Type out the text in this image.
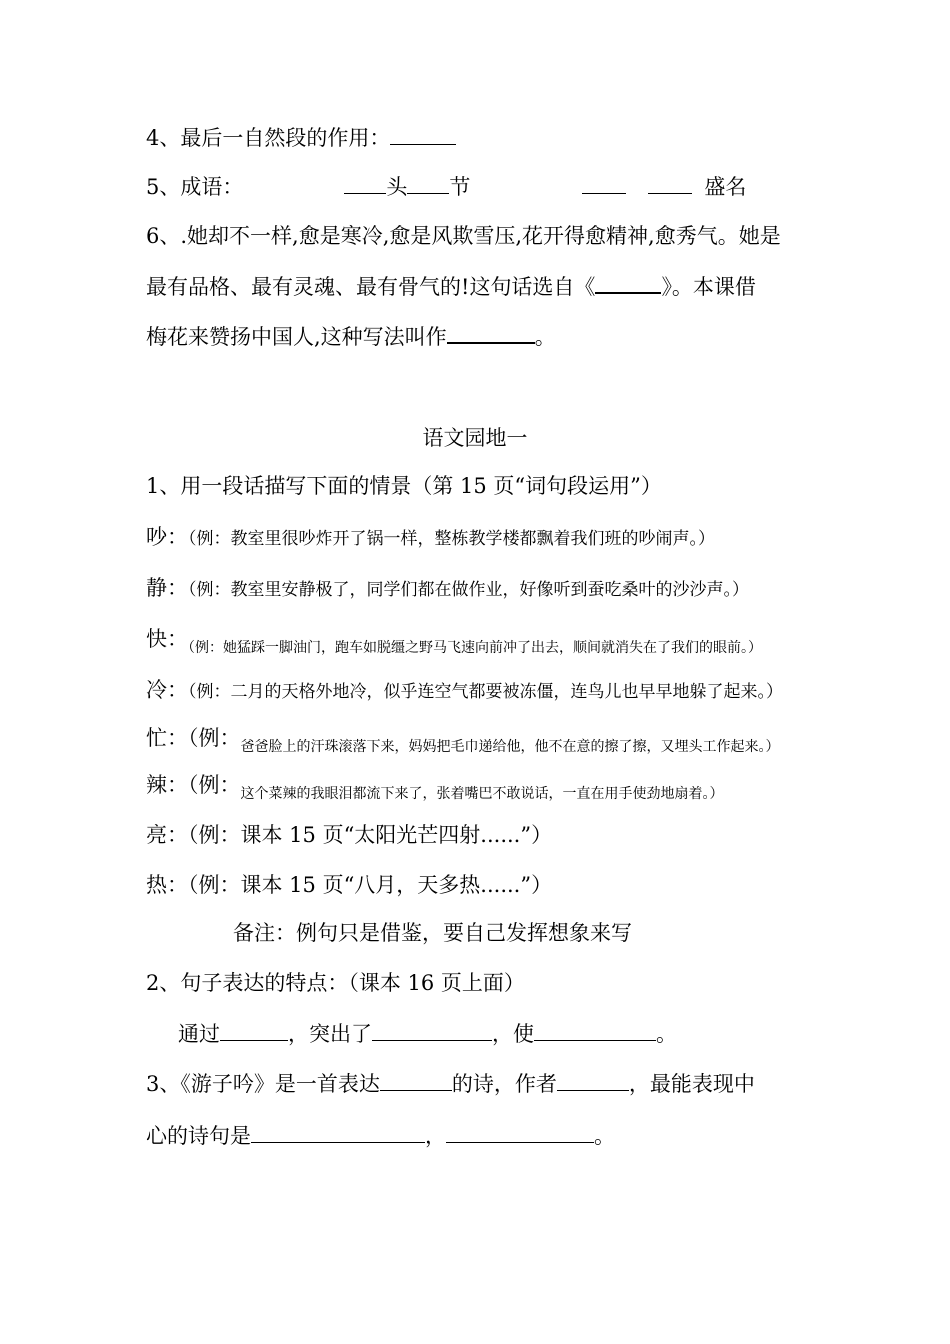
4、最后一自然段的作用：
5、成语：	头 节	盛名
6、.她却不一样,愈是寒冷,愈是风欺雪压,花开得愈精神,愈秀气。她是
最有品格、最有灵魂、最有骨气的!这句话选自《	》。本课借
梅花来赞扬中国人,这种写法叫作	。
语文园地一
1、用一段话描写下面的情景（第 15 页“词句段运用”）
吵：（例：教室里很吵炸开了锅一样，整栋教学楼都飘着我们班的吵闹声。）
静：（例：教室里安静极了，同学们都在做作业，好像听到蚕吃桑叶的沙沙声。）
快：$_{(例:她猛踩一脚油门,跑车如脱缰之野马飞速向前冲了出去,顺间就消失在了我们的眼前。)}$
冷：（例：二月的天格外地冷，似乎连空气都要被冻僵，连鸟儿也早早地躲了起来。）
忙：（例：$_{爸爸脸上的汗珠滚落下来,妈妈把毛巾递给他,他不在意的擦了擦,又埋头工作起来。)}$
辣：（例：$_{这个菜辣的我眼泪都流下来了,张着嘴巴不敢说话,一直在用手使劲地扇着。)}$
亮：（例：课本 15 页“太阳光芒四射......”）
热：（例：课本 15 页“八月，天多热......”）
备注：例句只是借鉴，要自己发挥想象来写
2、句子表达的特点：（课本 16 页上面）
通过	，突出了	，使	。
3、《游子吟》是一首表达	的诗，作者	，最能表现中
心的诗句是	，	。
